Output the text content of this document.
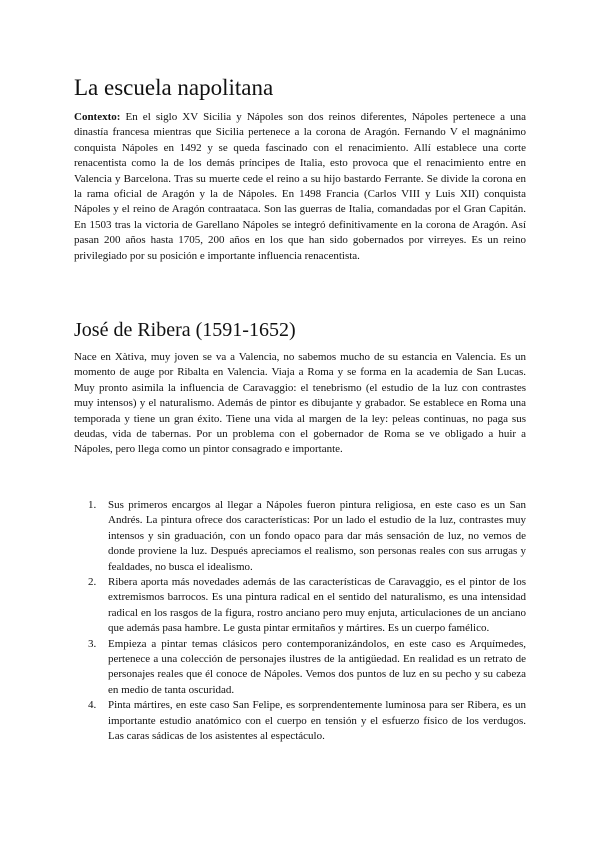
La escuela napolitana

Contexto: En el siglo XV Sicilia y Nápoles son dos reinos diferentes, Nápoles pertenece a una dinastía francesa mientras que Sicilia pertenece a la corona de Aragón. Fernando V el magnánimo conquista Nápoles en 1492 y se queda fascinado con el renacimiento. Allí establece una corte renacentista como la de los demás príncipes de Italia, esto provoca que el renacimiento entre en Valencia y Barcelona. Tras su muerte cede el reino a su hijo bastardo Ferrante. Se divide la corona en la rama oficial de Aragón y la de Nápoles. En 1498 Francia (Carlos VIII y Luis XII) conquista Nápoles y el reino de Aragón contraataca. Son las guerras de Italia, comandadas por el Gran Capitán. En 1503 tras la victoria de Garellano Nápoles se integró definitivamente en la corona de Aragón. Así pasan 200 años hasta 1705, 200 años en los que han sido gobernados por virreyes. Es un reino privilegiado por su posición e importante influencia renacentista.

José de Ribera (1591-1652)

Nace en Xàtiva, muy joven se va a Valencia, no sabemos mucho de su estancia en Valencia. Es un momento de auge por Ribalta en Valencia. Viaja a Roma y se forma en la academia de San Lucas. Muy pronto asimila la influencia de Caravaggio: el tenebrismo (el estudio de la luz con contrastes muy intensos) y el naturalismo. Además de pintor es dibujante y grabador. Se establece en Roma una temporada y tiene un gran éxito. Tiene una vida al margen de la ley: peleas continuas, no paga sus deudas, vida de tabernas. Por un problema con el gobernador de Roma se ve obligado a huir a Nápoles, pero llega como un pintor consagrado e importante.

1. Sus primeros encargos al llegar a Nápoles fueron pintura religiosa, en este caso es un San Andrés. La pintura ofrece dos características: Por un lado el estudio de la luz, contrastes muy intensos y sin graduación, con un fondo opaco para dar más sensación de luz, no vemos de donde proviene la luz. Después apreciamos el realismo, son personas reales con sus arrugas y fealdades, no busca el idealismo.
2. Ribera aporta más novedades además de las características de Caravaggio, es el pintor de los extremismos barrocos. Es una pintura radical en el sentido del naturalismo, es una intensidad radical en los rasgos de la figura, rostro anciano pero muy enjuta, articulaciones de un anciano que además pasa hambre. Le gusta pintar ermitaños y mártires. Es un cuerpo famélico.
3. Empieza a pintar temas clásicos pero contemporanizándolos, en este caso es Arquímedes, pertenece a una colección de personajes ilustres de la antigüedad. En realidad es un retrato de personajes reales que él conoce de Nápoles. Vemos dos puntos de luz en su pecho y su cabeza en medio de tanta oscuridad.
4. Pinta mártires, en este caso San Felipe, es sorprendentemente luminosa para ser Ribera, es un importante estudio anatómico con el cuerpo en tensión y el esfuerzo físico de los verdugos. Las caras sádicas de los asistentes al espectáculo.
